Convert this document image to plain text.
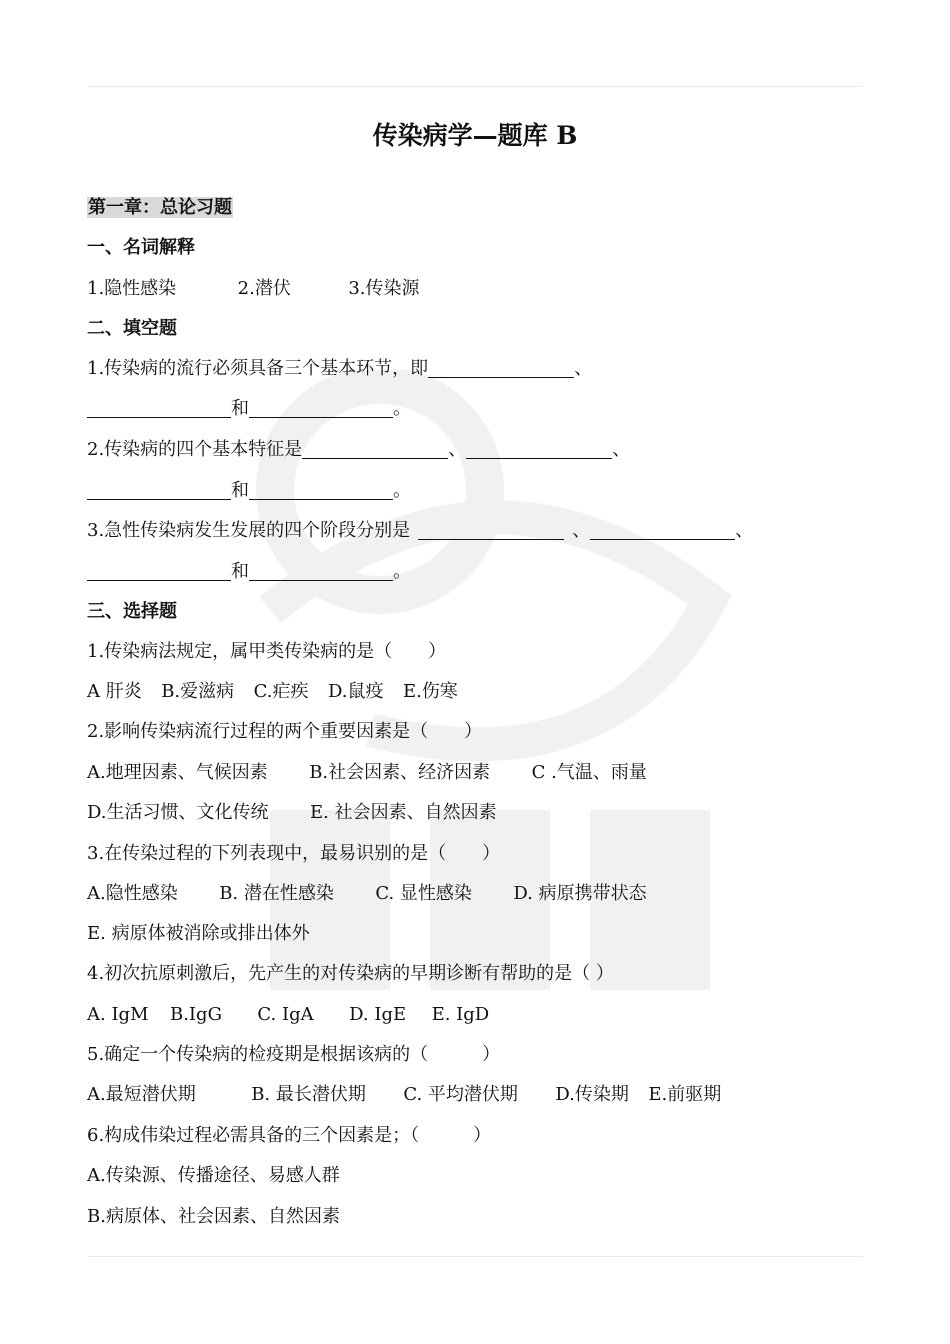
传染病学—题库 B
第一章：总论习题
一、名词解释
1.隐性感染	2.潜伏	3.传染源
二、填空题
1.传染病的流行必须具备三个基本环节，即	、
和	。
2.传染病的四个基本特征是	、	、
和	。
3.急性传染病发生发展的四个阶段分别是	、	、
和	。
三、选择题
1.传染病法规定，属甲类传染病的是（　　）
A 肝炎 B.爱滋病 C.疟疾 D.鼠疫 E.伤寒
2.影响传染病流行过程的两个重要因素是（　　）
A.地理因素、气候因素 B.社会因素、经济因素 C .气温、雨量
D.生活习惯、文化传统 E. 社会因素、自然因素
3.在传染过程的下列表现中，最易识别的是（　　）
A.隐性感染 B. 潜在性感染 C. 显性感染 D. 病原携带状态
E. 病原体被消除或排出体外
4.初次抗原刺激后，先产生的对传染病的早期诊断有帮助的是（ ）
A. IgM B.IgG C. IgA D. IgE E. IgD
5.确定一个传染病的检疫期是根据该病的（　　　）
A.最短潜伏期	B. 最长潜伏期 C. 平均潜伏期 D.传染期 E.前驱期
6.构成伟染过程必需具备的三个因素是；（　　　）
A.传染源、传播途径、易感人群
B.病原体、社会因素、自然因素
